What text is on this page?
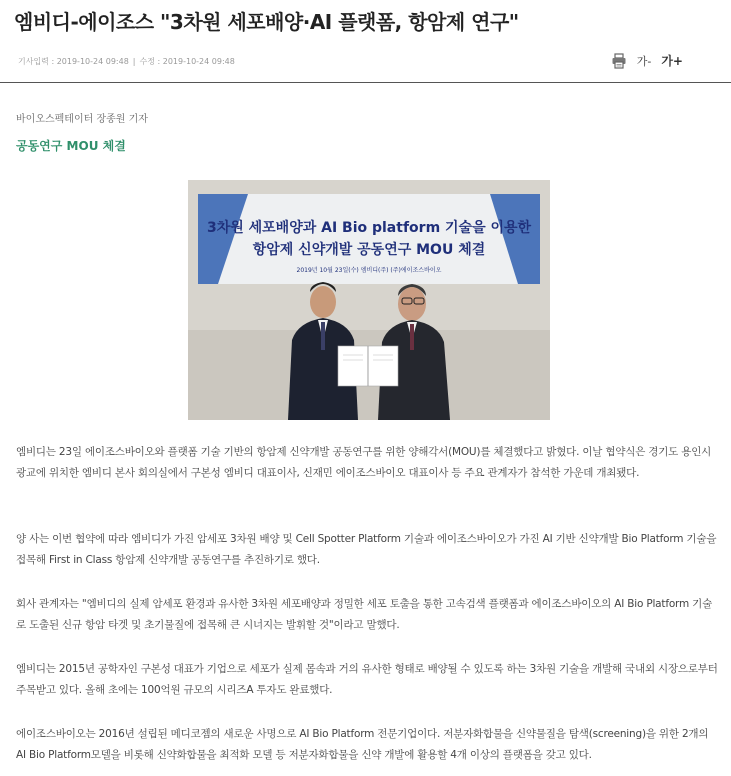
엠비디-에이조스 "3차원 세포배양·AI 플랫폼, 항암제 연구"
기사입력 : 2019-10-24 09:48 | 수정 : 2019-10-24 09:48	가- 가+
바이오스펙테이터 장종원 기자
공동연구 MOU 체결
3차원 세포배양과 AI Bio platform 기술을 이용한
항암제 신약개발 공동연구 MOU 체결
2019년 10월 23일(수) 엠비디(주) (주)에이조스바이오
엠비디는 23일 에이조스바이오와 플랫폼 기술 기반의 항암제 신약개발 공동연구를 위한 양해각서(MOU)를 체결했다고 밝혔다. 이날 협약식은 경기도 용인시 광교에 위치한 엠비디 본사 회의실에서 구본성 엠비디 대표이사, 신재민 에이조스바이오 대표이사 등 주요 관계자가 참석한 가운데 개최됐다.
양 사는 이번 협약에 따라 엠비디가 가진 암세포 3차원 배양 및 Cell Spotter Platform 기술과 에이조스바이오가 가진 AI 기반 신약개발 Bio Platform 기술을 접목해 First in Class 항암제 신약개발 공동연구를 추진하기로 했다.
회사 관계자는 "엠비디의 실제 암세포 환경과 유사한 3차원 세포배양과 정밀한 세포 토출을 통한 고속검색 플랫폼과 에이조스바이오의 AI Bio Platform 기술로 도출된 신규 항암 타겟 및 초기물질에 접목해 큰 시너지는 발휘할 것"이라고 말했다.
엠비디는 2015년 공학자인 구본성 대표가 기업으로 세포가 실제 몸속과 거의 유사한 형태로 배양될 수 있도록 하는 3차원 기술을 개발해 국내외 시장으로부터 주목받고 있다. 올해 초에는 100억원 규모의 시리즈A 투자도 완료했다.
에이조스바이오는 2016년 설립된 메디코젬의 새로운 사명으로 AI Bio Platform 전문기업이다. 저분자화합물을 신약물질을 탐색(screening)을 위한 2개의 AI Bio Platform모델을 비롯해 신약화합물을 최적화 모델 등 저분자화합물을 신약 개발에 활용할 4개 이상의 플랫폼을 갖고 있다.
